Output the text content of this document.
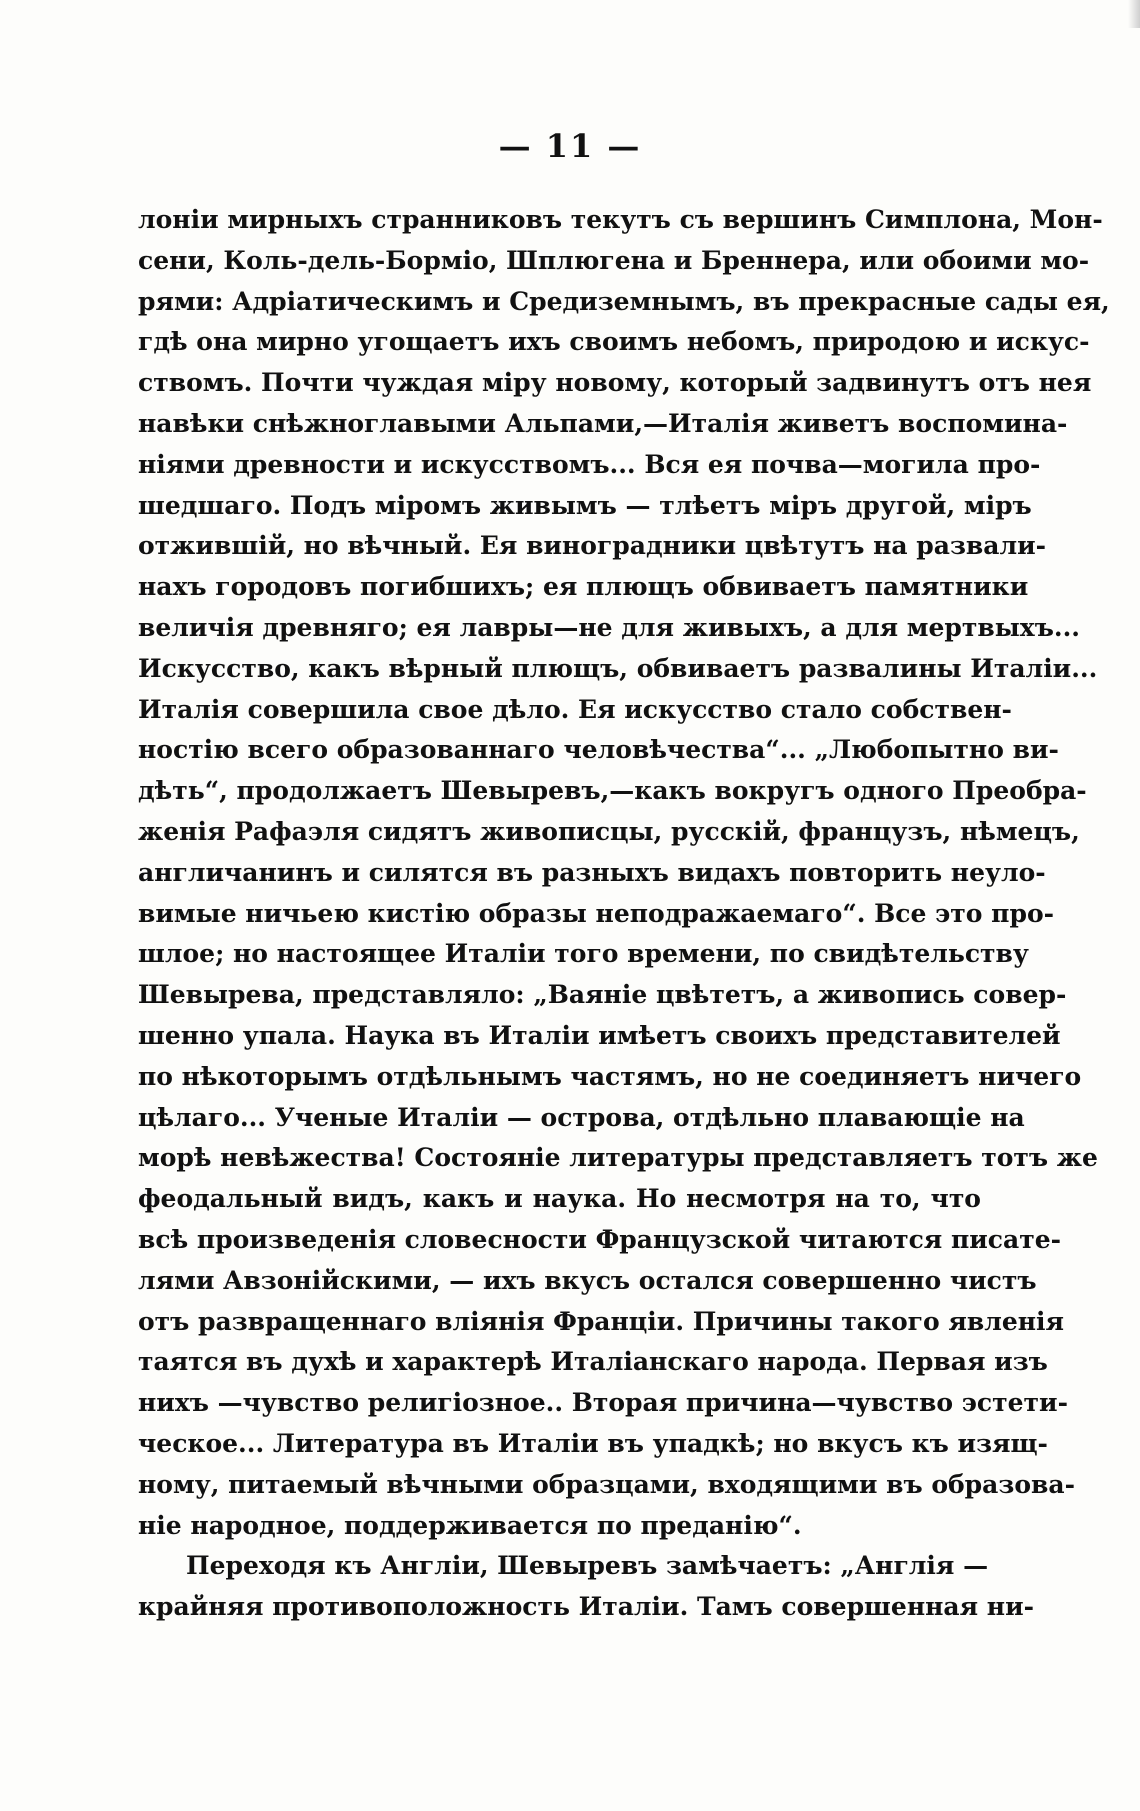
— 11 —
лоніи мирныхъ странниковъ текутъ съ вершинъ Симплона, Мон-
сени, Коль-дель-Борміо, Шплюгена и Бреннера, или обоими мо-
рями: Адріатическимъ и Средиземнымъ, въ прекрасные сады ея,
гдѣ она мирно угощаетъ ихъ своимъ небомъ, природою и искус-
ствомъ. Почти чуждая міру новому, который задвинутъ отъ нея
навѣки снѣжноглавыми Альпами,—Италія живетъ воспомина-
ніями древности и искусствомъ... Вся ея почва—могила про-
шедшаго. Подъ міромъ живымъ — тлѣетъ міръ другой, міръ
отжившій, но вѣчный. Ея виноградники цвѣтутъ на развали-
нахъ городовъ погибшихъ; ея плющъ обвиваетъ памятники
величія древняго; ея лавры—не для живыхъ, а для мертвыхъ...
Искусство, какъ вѣрный плющъ, обвиваетъ развалины Италіи...
Италія совершила свое дѣло. Ея искусство стало собствен-
ностію всего образованнаго человѣчества“... „Любопытно ви-
дѣть“, продолжаетъ Шевыревъ,—какъ вокругъ одного Преобра-
женія Рафаэля сидятъ живописцы, русскій, французъ, нѣмецъ,
англичанинъ и силятся въ разныхъ видахъ повторить неуло-
вимые ничьею кистію образы неподражаемаго“. Все это про-
шлое; но настоящее Италіи того времени, по свидѣтельству
Шевырева, представляло: „Ваяніе цвѣтетъ, а живопись совер-
шенно упала. Наука въ Италіи имѣетъ своихъ представителей
по нѣкоторымъ отдѣльнымъ частямъ, но не соединяетъ ничего
цѣлаго... Ученые Италіи — острова, отдѣльно плавающіе на
морѣ невѣжества! Состояніе литературы представляетъ тотъ же
феодальный видъ, какъ и наука. Но несмотря на то, что
всѣ произведенія словесности Французской читаются писате-
лями Авзонійскими, — ихъ вкусъ остался совершенно чистъ
отъ развращеннаго вліянія Франціи. Причины такого явленія
таятся въ духѣ и характерѣ Италіанскаго народа. Первая изъ
нихъ —чувство религіозное.. Вторая причина—чувство эстети-
ческое... Литература въ Италіи въ упадкѣ; но вкусъ къ изящ-
ному, питаемый вѣчными образцами, входящими въ образова-
ніе народное, поддерживается по преданію“.
Переходя къ Англіи, Шевыревъ замѣчаетъ: „Англія —
крайняя противоположность Италіи. Тамъ совершенная ни-
